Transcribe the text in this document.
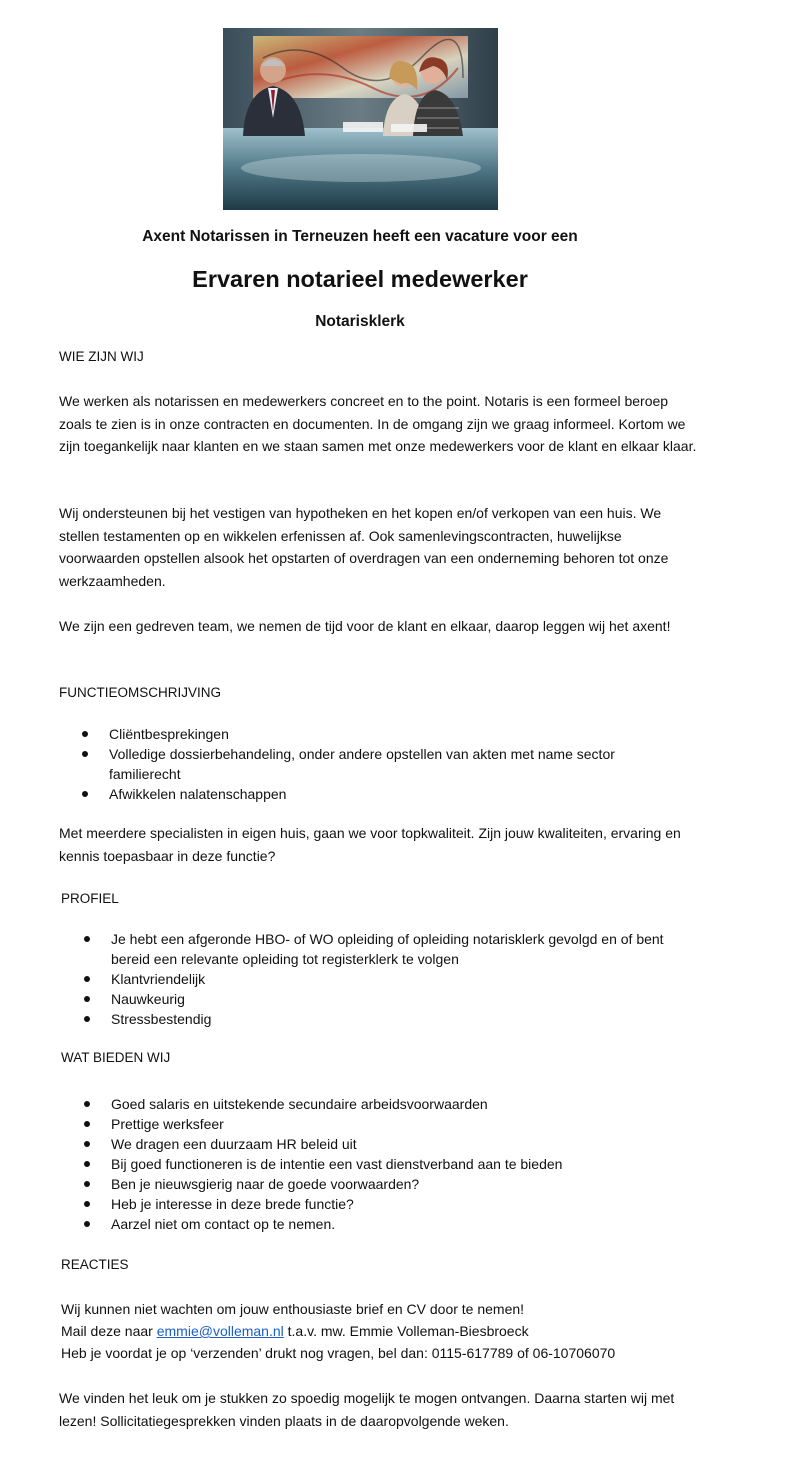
Axent Notarissen in Terneuzen heeft een vacature voor een
Ervaren notarieel medewerker
Notarisklerk
WIE ZIJN WIJ

We werken als notarissen en medewerkers concreet en to the point. Notaris is een formeel beroep zoals te zien is in onze contracten en documenten. In de omgang zijn we graag informeel. Kortom we zijn toegankelijk naar klanten en we staan samen met onze medewerkers voor de klant en elkaar klaar.

Wij ondersteunen bij het vestigen van hypotheken en het kopen en/of verkopen van een huis. We stellen testamenten op en wikkelen erfenissen af. Ook samenlevingscontracten, huwelijkse voorwaarden opstellen alsook het opstarten of overdragen van een onderneming behoren tot onze werkzaamheden.

We zijn een gedreven team, we nemen de tijd voor de klant en elkaar, daarop leggen wij het axent!

FUNCTIEOMSCHRIJVING
Cliëntbesprekingen
Volledige dossierbehandeling, onder andere opstellen van akten met name sector familierecht
Afwikkelen nalatenschappen

Met meerdere specialisten in eigen huis, gaan we voor topkwaliteit. Zijn jouw kwaliteiten, ervaring en kennis toepasbaar in deze functie?

PROFIEL
Je hebt een afgeronde HBO- of WO opleiding of opleiding notarisklerk gevolgd en of bent bereid een relevante opleiding tot registerklerk te volgen
Klantvriendelijk
Nauwkeurig
Stressbestendig
WAT BIEDEN WIJ
Goed salaris en uitstekende secundaire arbeidsvoorwaarden
Prettige werksfeer
We dragen een duurzaam HR beleid uit
Bij goed functioneren is de intentie een vast dienstverband aan te bieden
Ben je nieuwsgierig naar de goede voorwaarden?
Heb je interesse in deze brede functie?
Aarzel niet om contact op te nemen.
REACTIES
Wij kunnen niet wachten om jouw enthousiaste brief en CV door te nemen!
Mail deze naar emmie@volleman.nl t.a.v. mw. Emmie Volleman-Biesbroeck
Heb je voordat je op ‘verzenden’ drukt nog vragen, bel dan: 0115-617789 of 06-10706070

We vinden het leuk om je stukken zo spoedig mogelijk te mogen ontvangen. Daarna starten wij met lezen! Sollicitatiegesprekken vinden plaats in de daaropvolgende weken.
